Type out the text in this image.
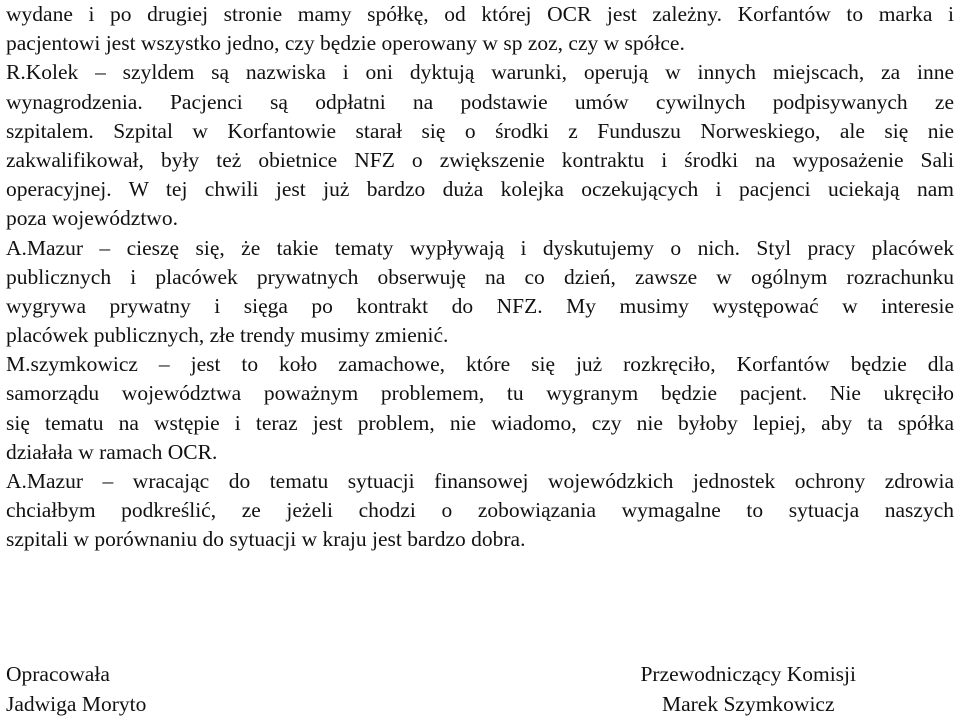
wydane i po drugiej stronie mamy spółkę, od której OCR jest zależny. Korfantów to marka i
pacjentowi jest wszystko jedno, czy będzie operowany w sp zoz, czy w spółce.
R.Kolek – szyldem są nazwiska i oni dyktują warunki, operują w innych miejscach, za inne
wynagrodzenia. Pacjenci są odpłatni na podstawie umów cywilnych podpisywanych ze
szpitalem. Szpital w Korfantowie starał się o środki z Funduszu Norweskiego, ale się nie
zakwalifikował, były też obietnice NFZ o zwiększenie kontraktu i środki na wyposażenie Sali
operacyjnej. W tej chwili jest już bardzo duża kolejka oczekujących i pacjenci uciekają nam
poza województwo.
A.Mazur – cieszę się, że takie tematy wypływają i dyskutujemy o nich. Styl pracy placówek
publicznych i placówek prywatnych obserwuję na co dzień, zawsze w ogólnym rozrachunku
wygrywa prywatny i sięga po kontrakt do NFZ. My musimy występować w interesie
placówek publicznych, złe trendy musimy zmienić.
M.szymkowicz – jest to koło zamachowe, które się już rozkręciło, Korfantów będzie dla
samorządu województwa poważnym problemem, tu wygranym będzie pacjent. Nie ukręciło
się tematu na wstępie i teraz jest problem, nie wiadomo, czy nie byłoby lepiej, aby ta spółka
działała w ramach OCR.
A.Mazur – wracając do tematu sytuacji finansowej wojewódzkich jednostek ochrony zdrowia
chciałbym podkreślić, ze jeżeli chodzi o zobowiązania wymagalne to sytuacja naszych
szpitali w porównaniu do sytuacji w kraju jest bardzo dobra.
Opracowała
Jadwiga Moryto
Przewodniczący Komisji
Marek Szymkowicz
